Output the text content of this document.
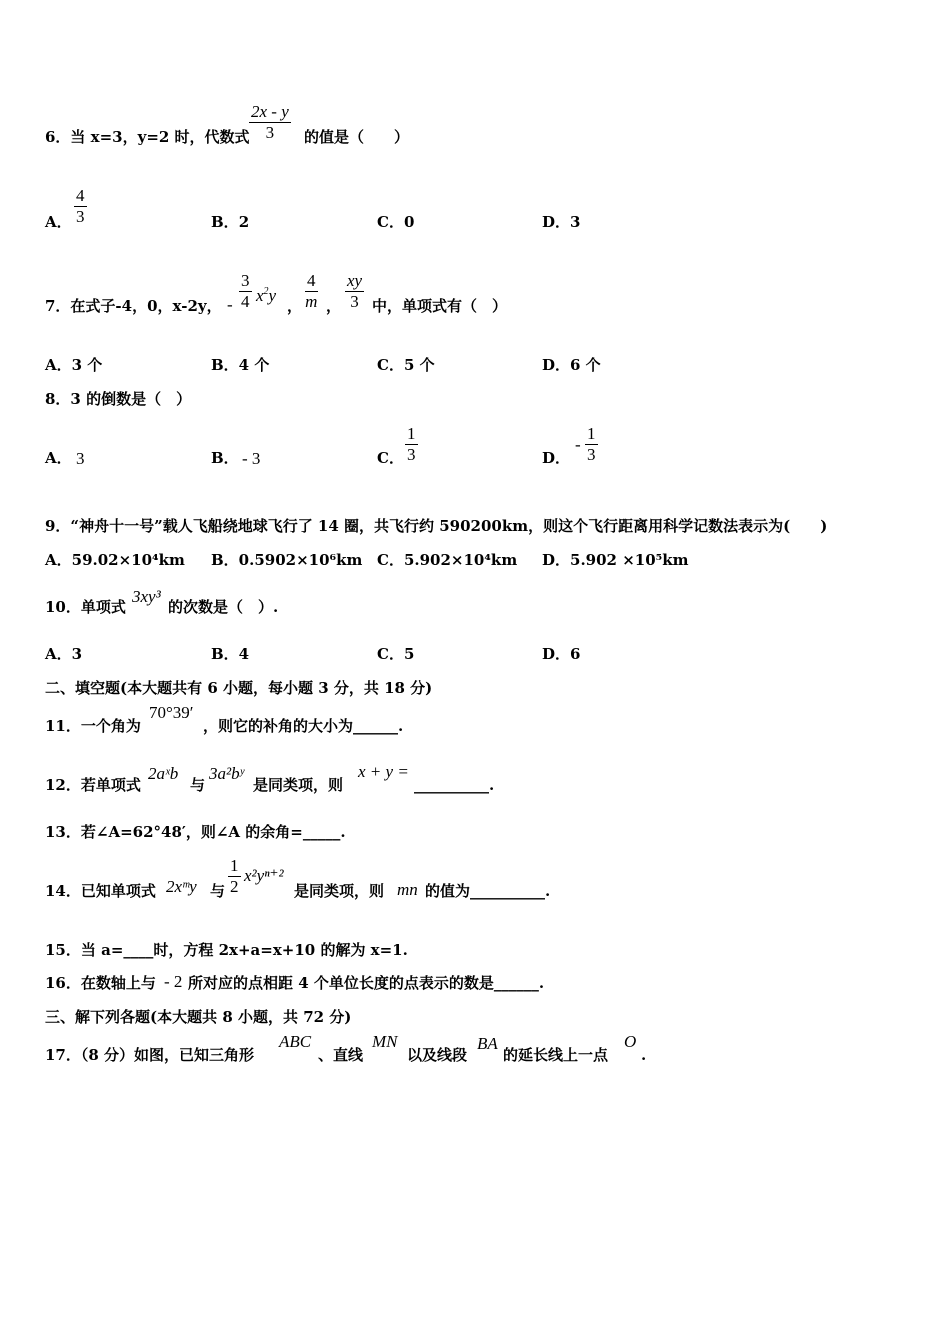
6．当 x=3，y=2 时，代数式
2x - y
3	的值是（　　）
A．
4
3	B．2	C．0	D．3
7．在式子-4，0，x-2y， -
3
4 $x^2y$
，
4
m ，
xy
3 中，单项式有（　）
A．3 个	B．4 个	C．5 个	D．6 个
8．3 的倒数是（　）
A． 3	B． - 3	C．
1
3	D．
-
1
3
9．“神舟十一号”载人飞船绕地球飞行了 14 圈，共飞行约 590200km，则这个飞行距离用科学记数法表示为(　　)
A．59.02×10⁴km B．0.5902×10⁶km C．5.902×10⁴km D．5.902 ×10⁵km
10．单项式
3xy³
的次数是（　）.
A．3	B．4	C．5	D．6
二、填空题(本大题共有 6 小题，每小题 3 分，共 18 分)
11．一个角为
70°39′
，则它的补角的大小为______.
12．若单项式
2aˣb
与
3a²bʸ
是同类项，则
x + y =
__________.
13．若∠A=62°48′，则∠A 的余角=_____.
14．已知单项式 2xᵐy 与
1
2
x²yⁿ⁺²
是同类项，则 mn 的值为__________.
15．当 a=____时，方程 2x+a=x+10 的解为 x=1.
16．在数轴上与 - 2 所对应的点相距 4 个单位长度的点表示的数是______.
三、解下列各题(本大题共 8 小题，共 72 分)
17．（8 分）如图，已知三角形
ABC
、直线
MN
以及线段
BA
的延长线上一点
O
.
